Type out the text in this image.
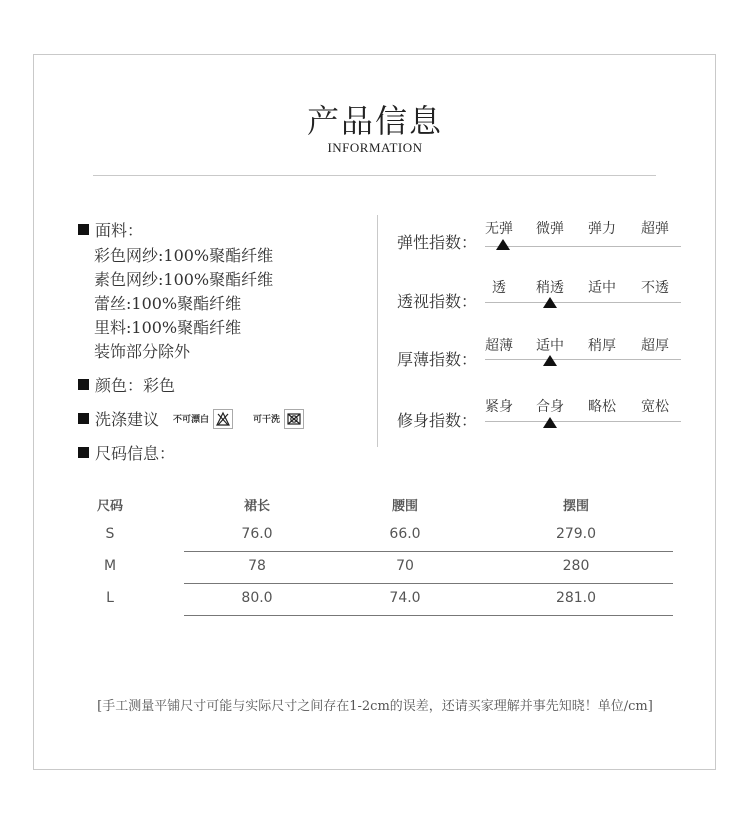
产品信息
INFORMATION
面料：
彩色网纱:100%聚酯纤维
素色网纱:100%聚酯纤维
蕾丝:100%聚酯纤维
里料:100%聚酯纤维
装饰部分除外
颜色：彩色
洗涤建议 不可漂白	可干洗
尺码信息：
弹性指数：
无弹	微弹	弹力	超弹
透视指数：
透	稍透	适中	不透
厚薄指数：
超薄	适中	稍厚	超厚
修身指数：
紧身	合身	略松	宽松
尺码	裙长	腰围	摆围
S	76.0	66.0	279.0
M	78	70	280
L	80.0	74.0	281.0
[手工测量平铺尺寸可能与实际尺寸之间存在1-2cm的误差，还请买家理解并事先知晓！单位/cm]
